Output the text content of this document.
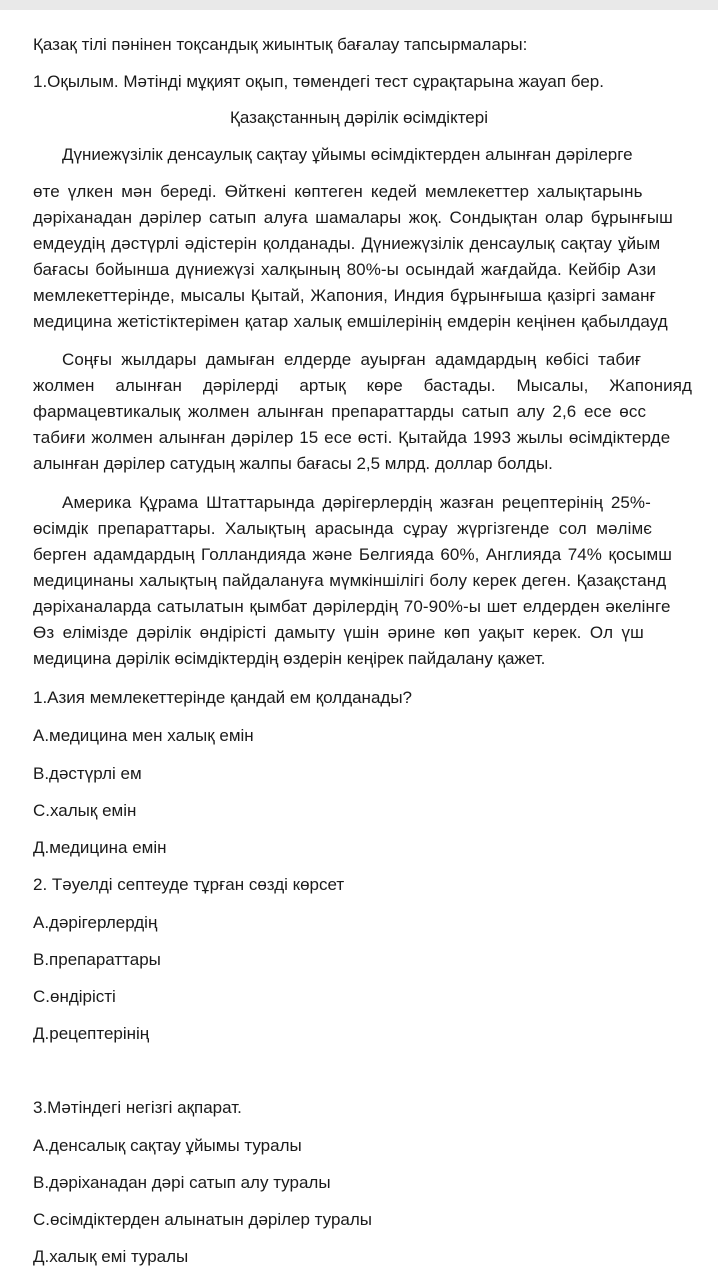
Қазақ тілі пәнінен тоқсандық жиынтық бағалау тапсырмалары:
1.Оқылым. Мәтінді мұқият оқып, төмендегі тест сұрақтарына жауап бер.
Қазақстанның дәрілік өсімдіктері
Дүниежүзілік денсаулық сақтау ұйымы өсімдіктерден алынған дәрілерге
өте үлкен мән береді. Өйткені көптеген кедей мемлекеттер халықтарынь
дәріханадан дәрілер сатып алуға шамалары жоқ. Сондықтан олар бұрынғыш
емдеудің дәстүрлі әдістерін қолданады. Дүниежүзілік денсаулық сақтау ұйым
бағасы бойынша дүниежүзі халқының 80%-ы осындай жағдайда. Кейбір Ази
мемлекеттерінде, мысалы Қытай, Жапония, Индия бұрынғыша қазіргі заманғ
медицина жетістіктерімен қатар халық емшілерінің емдерін кеңінен қабылдауд
Соңғы жылдары дамыған елдерде ауырған адамдардың көбісі табиғ
жолмен алынған дәрілерді артық көре бастады. Мысалы, Жапонияд
фармацевтикалық жолмен алынған препараттарды сатып алу 2,6 есе өсс
табиғи жолмен алынған дәрілер 15 есе өсті. Қытайда 1993 жылы өсімдіктерде
алынған дәрілер сатудың жалпы бағасы 2,5 млрд. доллар болды.
Америка Құрама Штаттарында дәрігерлердің жазған рецептерінің 25%-
өсімдік препараттары. Халықтың арасында сұрау жүргізгенде сол мәлімє
берген адамдардың Голландияда және Белгияда 60%, Англияда 74% қосымш
медицинаны халықтың пайдалануға мүмкіншілігі болу керек деген. Қазақстанд
дәріханаларда сатылатын қымбат дәрілердің 70-90%-ы шет елдерден әкелінге
Өз елімізде дәрілік өндірісті дамыту үшін әрине көп уақыт керек. Ол үш
медицина дәрілік өсімдіктердің өздерін кеңірек пайдалану қажет.
1.Азия мемлекеттерінде қандай ем қолданады?
А.медицина мен халық емін
В.дәстүрлі ем
С.халық емін
Д.медицина емін
2. Тәуелді септеуде тұрған сөзді көрсет
А.дәрігерлердің
В.препараттары
С.өндірісті
Д.рецептерінің
3.Мәтіндегі негізгі ақпарат.
А.денсалық сақтау ұйымы туралы
В.дәріханадан дәрі сатып алу туралы
С.өсімдіктерден алынатын дәрілер туралы
Д.халық емі туралы
